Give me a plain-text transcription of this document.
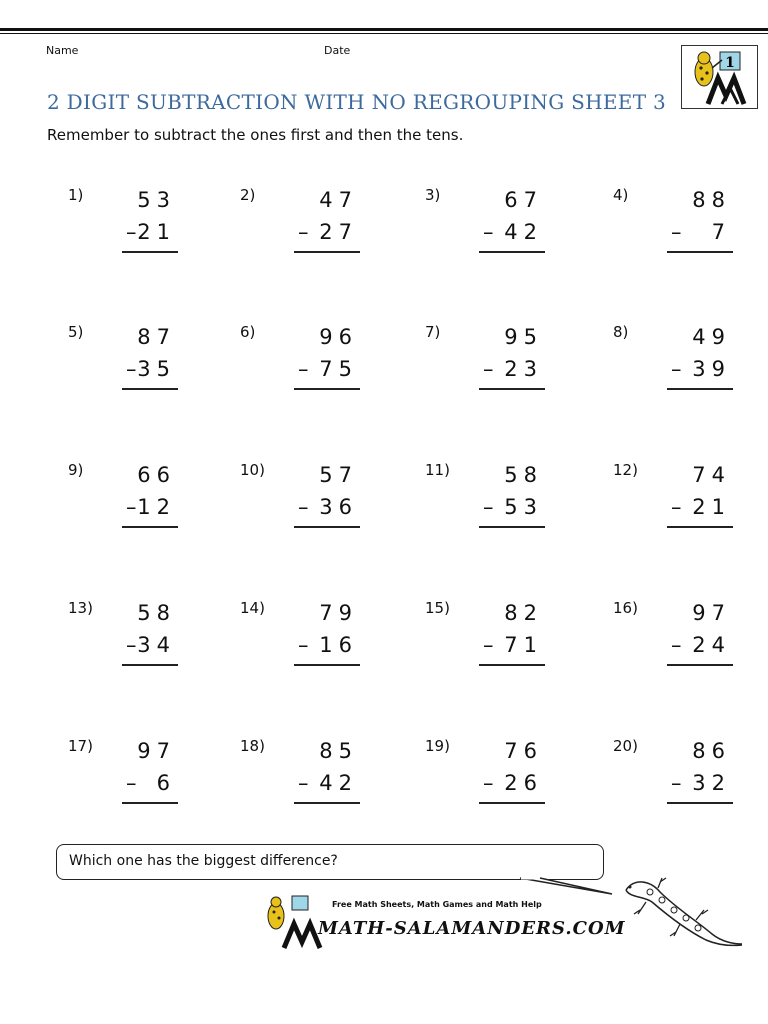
Name	Date
1
2 DIGIT SUBTRACTION WITH NO REGROUPING SHEET 3
Remember to subtract the ones first and then the tens.
1)	53
– 21
2)	47
– 27
3)	67
– 42
4)	88
– 7
5)	87
– 35
6)	96
– 75
7)	95
– 23
8)	49
– 39
9)	66
– 12
10)	57
– 36
11)	58
– 53
12)	74
– 21
13) 58
– 34
14)	79
– 16
15)	82
– 71
16)	97
– 24
17) 97
– 6
18)	85
– 42
19)	76
– 26
20)	86
– 32
Which one has the biggest difference?
Free Math Sheets, Math Games and Math Help
MATH-SALAMANDERS.COM
